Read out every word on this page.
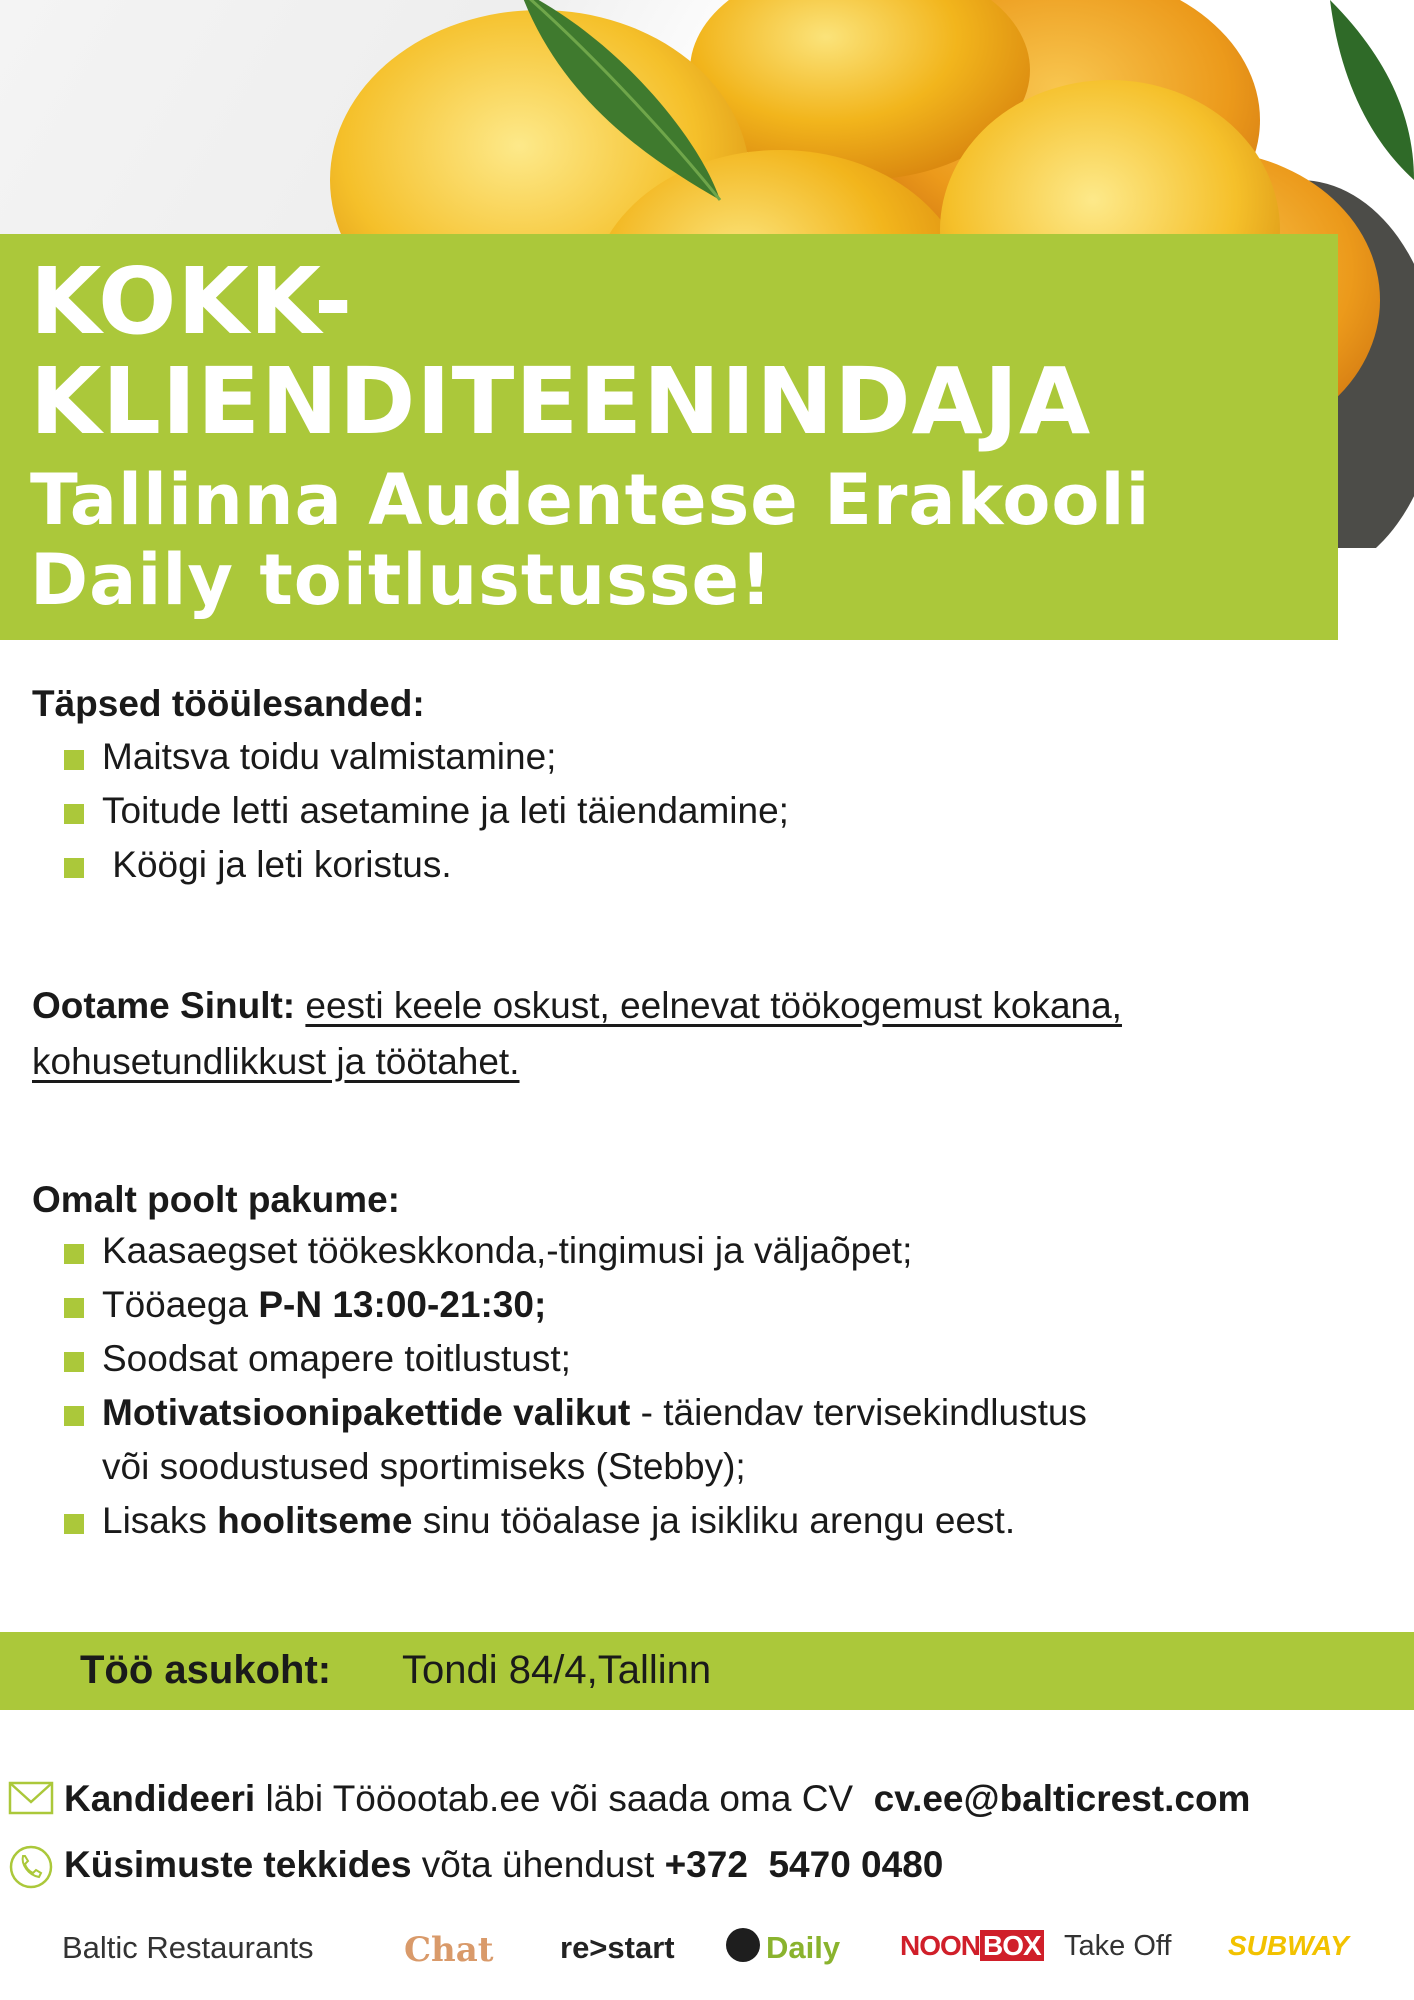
KOKK-
KLIENDITEENINDAJA
Tallinna Audentese Erakooli
Daily toitlustusse!
Täpsed tööülesanded:
Maitsva toidu valmistamine;
Toitude letti asetamine ja leti täiendamine;
Köögi ja leti koristus.
Ootame Sinult: eesti keele oskust, eelnevat töökogemust kokana, kohusetundlikkust ja töötahet.
Omalt poolt pakume:
Kaasaegset töökeskkonda,-tingimusi ja väljaõpet;
Tööaega P-N 13:00-21:30;
Soodsat omapere toitlustust;
Motivatsioonipakettide valikut - täiendav tervisekindlustus
või soodustused sportimiseks (Stebby);
Lisaks hoolitseme sinu tööalase ja isikliku arengu eest.
Töö asukoht: Tondi 84/4,Tallinn
Kandideeri läbi Tööootab.ee või saada oma CV  cv.ee@balticrest.com
Küsimuste tekkides võta ühendust +372  5470 0480
Baltic Restaurants	Chat re>start	Daily NOON BOX Take Off SUBWAY
